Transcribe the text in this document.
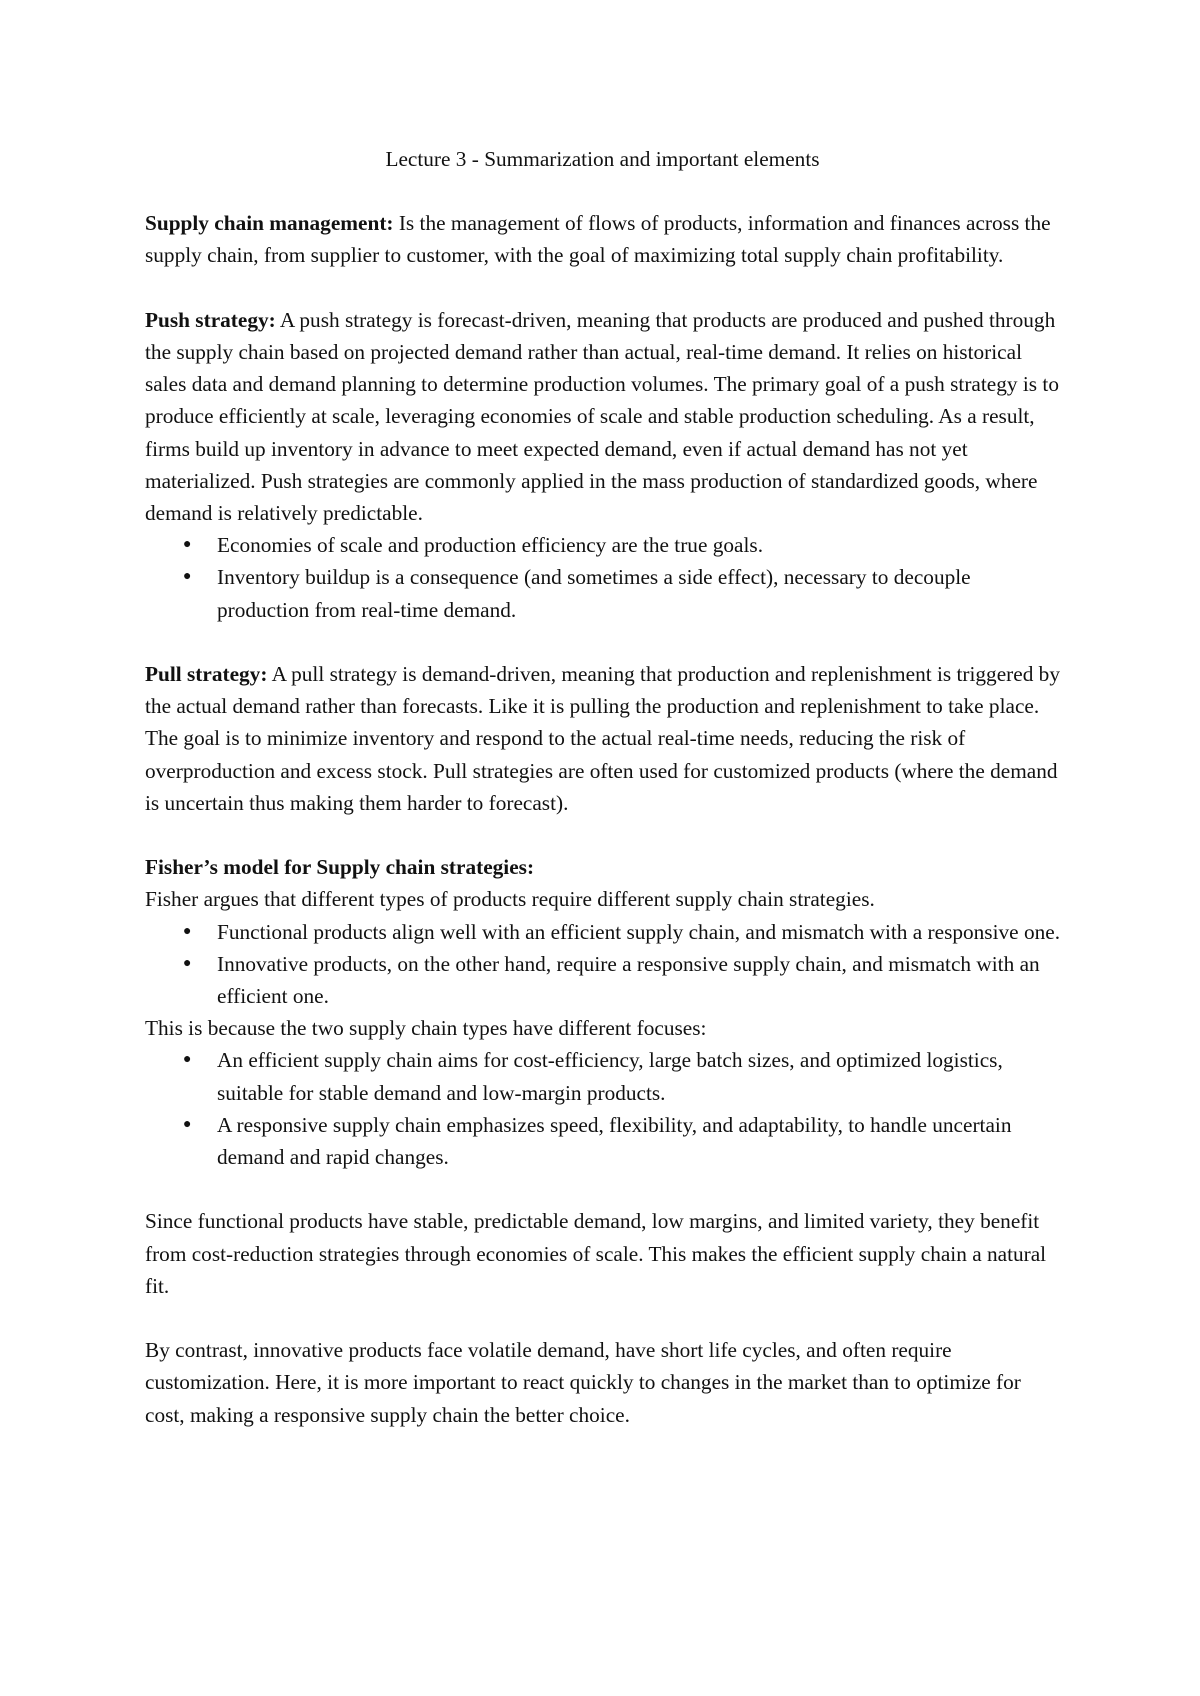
Lecture 3 - Summarization and important elements

Supply chain management: Is the management of flows of products, information and finances across the supply chain, from supplier to customer, with the goal of maximizing total supply chain profitability.

Push strategy: A push strategy is forecast-driven, meaning that products are produced and pushed through the supply chain based on projected demand rather than actual, real-time demand. It relies on historical sales data and demand planning to determine production volumes. The primary goal of a push strategy is to produce efficiently at scale, leveraging economies of scale and stable production scheduling. As a result, firms build up inventory in advance to meet expected demand, even if actual demand has not yet materialized. Push strategies are commonly applied in the mass production of standardized goods, where demand is relatively predictable.

● Economies of scale and production efficiency are the true goals.
● Inventory buildup is a consequence (and sometimes a side effect), necessary to decouple production from real-time demand.

Pull strategy: A pull strategy is demand-driven, meaning that production and replenishment is triggered by the actual demand rather than forecasts. Like it is pulling the production and replenishment to take place. The goal is to minimize inventory and respond to the actual real-time needs, reducing the risk of overproduction and excess stock. Pull strategies are often used for customized products (where the demand is uncertain thus making them harder to forecast).

Fisher’s model for Supply chain strategies:

Fisher argues that different types of products require different supply chain strategies.

● Functional products align well with an efficient supply chain, and mismatch with a responsive one.
● Innovative products, on the other hand, require a responsive supply chain, and mismatch with an efficient one.

This is because the two supply chain types have different focuses:

● An efficient supply chain aims for cost-efficiency, large batch sizes, and optimized logistics, suitable for stable demand and low-margin products.
● A responsive supply chain emphasizes speed, flexibility, and adaptability, to handle uncertain demand and rapid changes.

Since functional products have stable, predictable demand, low margins, and limited variety, they benefit from cost-reduction strategies through economies of scale. This makes the efficient supply chain a natural fit.

By contrast, innovative products face volatile demand, have short life cycles, and often require customization. Here, it is more important to react quickly to changes in the market than to optimize for cost, making a responsive supply chain the better choice.
